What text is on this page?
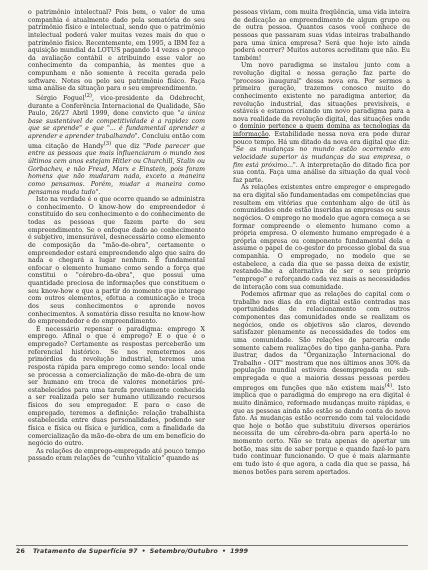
o patrimônio intelectual? Pois bem, o valor de uma companhia é atualmente dado pela somatória do seu patrimônio físico e intelectual, sendo que o patrimônio intelectual poderá valer muitas vezes mais do que o patrimônio físico. Recentemente, em 1995, a IBM fez a aquisição mundial da LOTUS pagando 14 vezes o preço da avaliação contábil e atribuindo esse valor ao conhecimento da companhia, às mentes que a compunham e não somente à receita gerada pelo software. Notes ou pelo seu patrimônio físico. Faça uma análise da situação para o seu empreendimento.

Sérgio Foguel$^{(2)}$, vice-presidente da Odebrecht, durante a Conferência Internacional de Qualidade, São Paulo, 26/27 Abril 1999, done convicto que "a única base sustentável de competitividade é a rapidez com que se aprende" e que "... é fundamental aprender a aprender e aprender trabalhando". Concluiu então com uma citação de Handy$^{(3)}$ que diz "Pode parecer que entre as pessoas que mais influenciaram o mundo nos últimos cem anos estejam Hitler ou Churchill, Stalin ou Gorbachev, e não Freud, Marx e Einstein, pois foram homens que não mudaram nada, exceto a maneira como pensamos. Porém, mudar a maneira como pensamos muda tudo".

Isto na verdade é o que ocorre quando se administra o conhecimento. O know-how do empreendedor é constituído do seu conhecimento e do conhecimento de todas as pessoas que fazem parte do seu empreendimento. Se o enfoque dado ao conhecimento é subjetivo, imensurável, desnecessário como elemento de composição da "mão-de-obra", certamente o empreendedor estará empreendendo algo que saíra do nada e chegará a lugar nenhum. É fundamental enfocar o elemento humano como sendo a força que constitui o "cérebro-da-obra", que possui uma quantidade preciosa de informações que constituem o seu know-how e que a partir do momento que interage com outros elementos, efetua a comunicação e troca dos seus conhecimentos e aprende novos conhecimentos. A somatória disso resulta no know-how do empreendedor e do empreendimento.

É necessário repensar o paradigma: emprego X emprego. Afinal o que é emprego? E o que é o empregado? Certamente as respostas perceberão um referencial histórico. Se nos remetermos aos primórdios da revolução industrial, teremos uma resposta rápida para emprego como sendo: local onde se processa a comercialização de mão-de-obra de um ser humano em troca de valores monetários pré-estabelecidos para uma tarefa previamente conhecida a ser realizada pelo ser humano utilizando recursos físicos do seu empregador. E para o caso de empregado, teremos a definição: relação trabalhista estabelecida entre duas personalidades, podendo ser física e física ou física e jurídica, com a finalidade da comercialização da mão-de-obra de um em benefício do negócio do outro.

As relações de emprego-empregado até pouco tempo passado eram relações de "cunho vitalício" quando as

pessoas viviam, com muita freqüência, uma vida inteira de dedicação ao empreendimento de algum grupo ou de outra pessoa. Quantos casos você conhece de pessoas que passaram suas vidas inteiras trabalhando para uma única empresa? Será que hoje isto ainda poderá ocorrer? Muitos autores acreditam que não. Eu também!

Um novo paradigma se instalou junto com a revolução digital e nossa geração faz parte do "processo inaugural" dessa nova era. Por sermos a primeira geração, trazemos conosco muito do conhecimento existente no paradigma anterior, da revolução industrial, das situações previsíveis, e estáveis e estamos criando um novo paradigma para a nova realidade da revolução digital, das situações onde o domínio pertence a quem domina as tecnologias da informação. Estabilidade nessa nova era pode durar pouco tempo. Há um ditado da nova era digital que diz: "Se as mudanças no mundo estão ocorrendo em velocidade superior às mudanças da sua empresa, o fim está próximo...". A interpretação do ditado fica por sua conta. Faça uma análise da situação da qual você faz parte.

As relações existentes entre empregor e empregado na era digital são fundamentadas em competências que resultem em vitórias que contenham algo de útil às comunidades onde estão inseridas as empresas ou seus negócios. O emprego no modelo que agora começa a se formar compreende o elemento humano como a própria empresa. O elemento humano empregado é a própria empresa ou componente fundamental dela e assume o papel de co-gestor do processo global da sua companhia. O empregado, no modelo que se estabelece, a cada dia que se passa deixa de existir, restando-lhe a alternativa de ser o seu próprio "emprego" e reforçando cada vez mais as necessidades de interação com sua comunidade.

Podemos afirmar que as relações do capital com o trabalho nos dias da era digital estão centradas nas oportunidades de relacionamento com outros componentes das comunidades onde se realizam os negócios, onde os objetivos são claros, devendo satisfazer plenamente as necessidades de todos em uma comunidade. São relações de parceria onde somente cabem realizações do tipo ganha-ganha. Para ilustrar, dados da "Organização Internacional do Trabalho - OIT" mostram que nos últimos anos 30% da população mundial estivera desempregada ou sub-empregada e que a maioria dessas pessoas perdeu empregos em funções que não existem mais$^{(4)}$. Isto implica que o paradigma do emprego na era digital é muito dinâmico, reformado mudanças muito rápidas, e que as pessoas ainda não estão se dando conta do novo fato. As mudanças estão ocorrendo com tal velocidade que hoje o botão que substituiu diversos operários necessita de um cérebro-da-obra para apertá-lo no momento certo. Não se trata apenas de apertar um botão, mas sim de saber porque e quando fazê-lo para tudo continuar funcionando. O que é mais alarmante em tudo isto é que agora, a cada dia que se passa, há menos botões para serem apertados.

26 Tratamento de Superfície 97 • Setembro/Outubro • 1999
